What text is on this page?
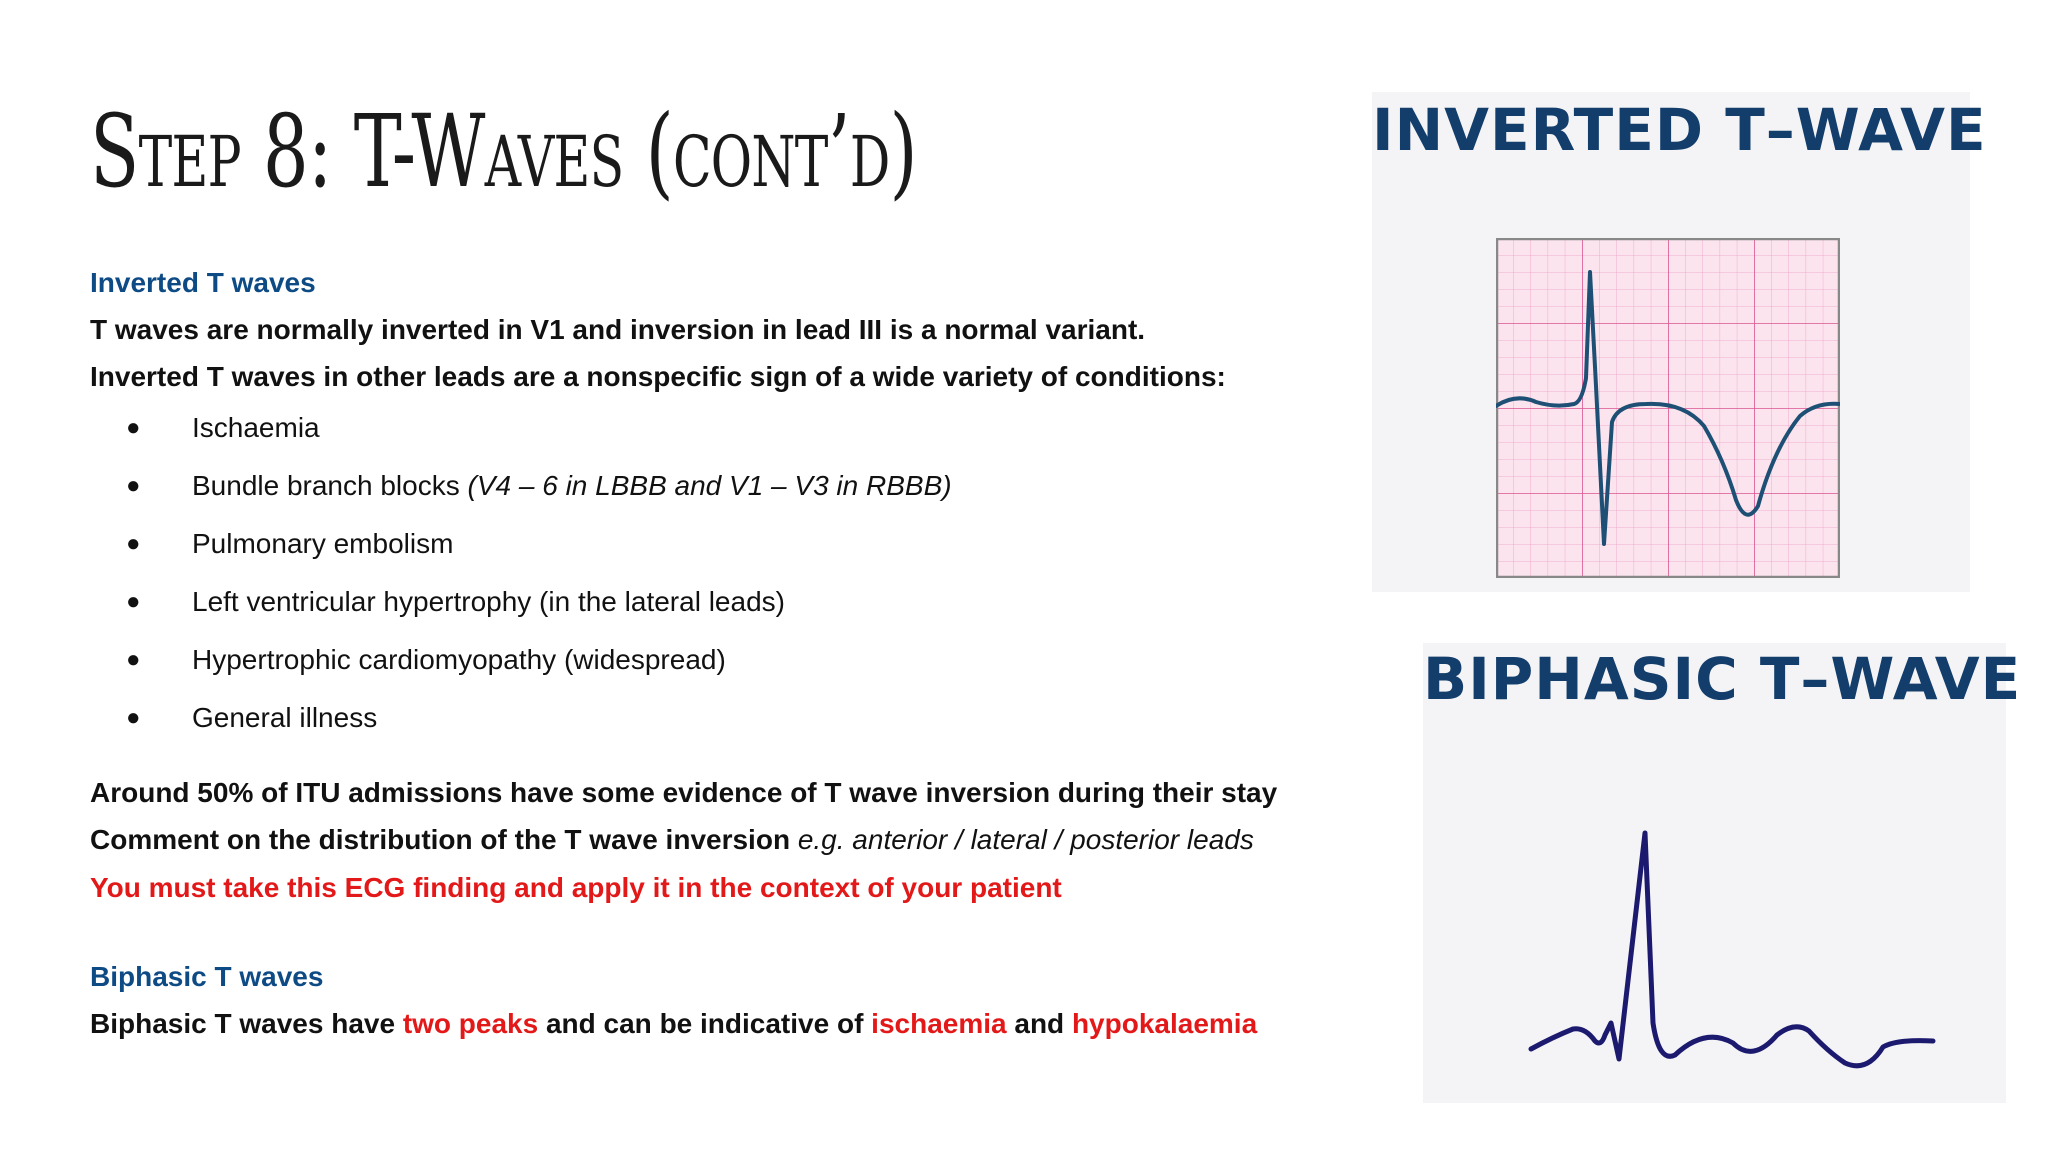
Step 8: T-Waves (cont’d)
Inverted T waves
T waves are normally inverted in V1 and inversion in lead III is a normal variant.
Inverted T waves in other leads are a nonspecific sign of a wide variety of conditions:
● Ischaemia
● Bundle branch blocks (V4 – 6 in LBBB and V1 – V3 in RBBB)
● Pulmonary embolism
● Left ventricular hypertrophy (in the lateral leads)
● Hypertrophic cardiomyopathy (widespread)
● General illness
Around 50% of ITU admissions have some evidence of T wave inversion during their stay
Comment on the distribution of the T wave inversion e.g. anterior / lateral / posterior leads
You must take this ECG finding and apply it in the context of your patient
Biphasic T waves
Biphasic T waves have two peaks and can be indicative of ischaemia and hypokalaemia
INVERTED T–WAVE
BIPHASIC T–WAVE
